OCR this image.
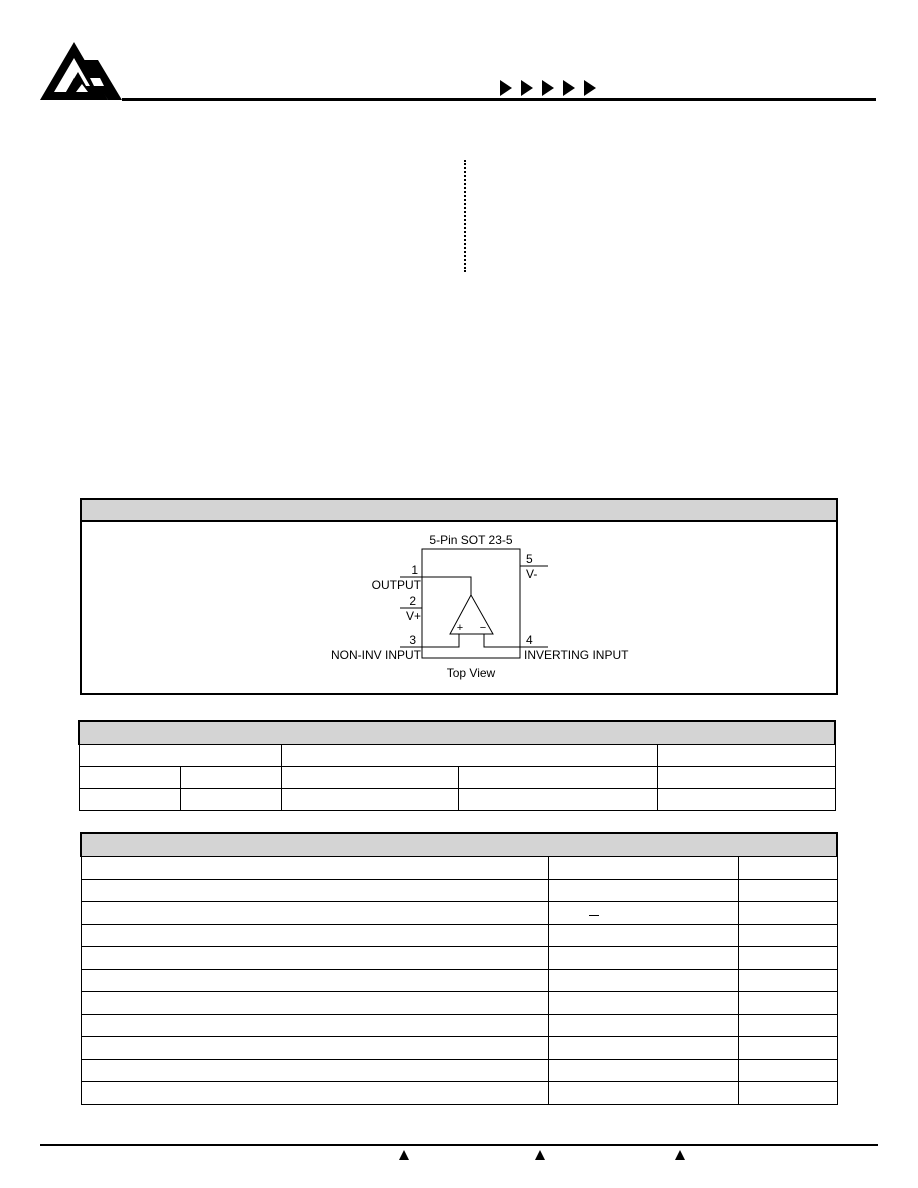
5-Pin SOT 23-5
1
OUTPUT
2
V+
3
NON-INV INPUT
4
INVERTING INPUT
5
V-
+ −
Top View
